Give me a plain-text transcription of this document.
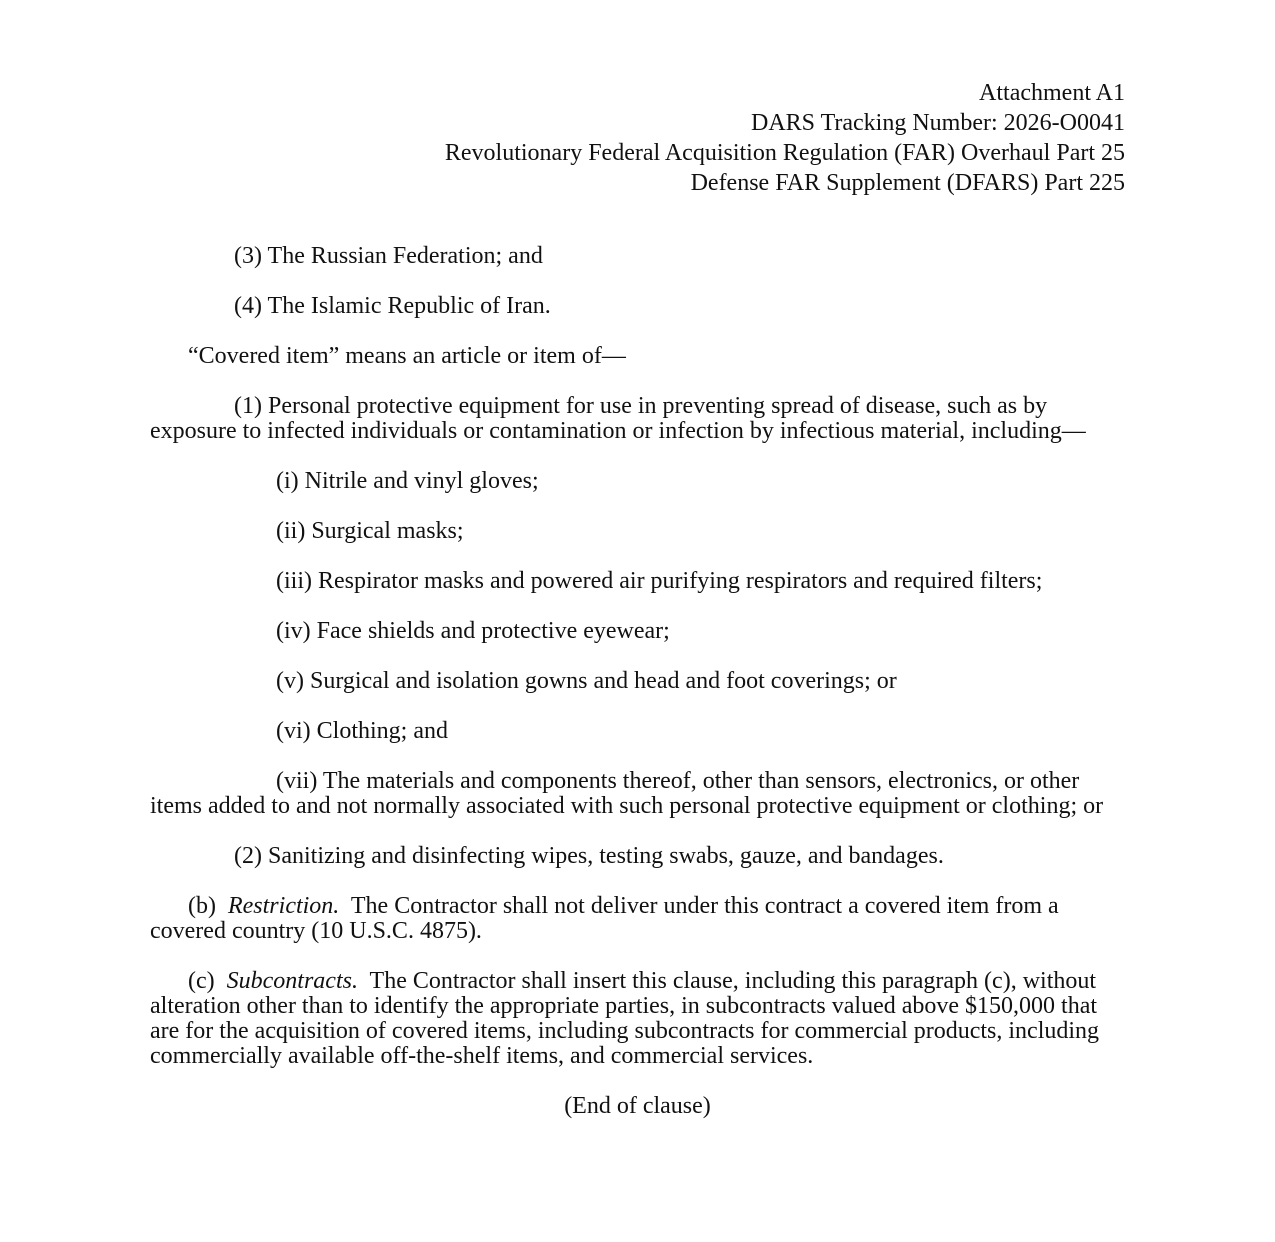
Attachment A1
DARS Tracking Number: 2026-O0041
Revolutionary Federal Acquisition Regulation (FAR) Overhaul Part 25
Defense FAR Supplement (DFARS) Part 225

(3) The Russian Federation; and

(4) The Islamic Republic of Iran.

“Covered item” means an article or item of—

(1) Personal protective equipment for use in preventing spread of disease, such as by exposure to infected individuals or contamination or infection by infectious material, including—

(i) Nitrile and vinyl gloves;

(ii) Surgical masks;

(iii) Respirator masks and powered air purifying respirators and required filters;

(iv) Face shields and protective eyewear;

(v) Surgical and isolation gowns and head and foot coverings; or

(vi) Clothing; and

(vii) The materials and components thereof, other than sensors, electronics, or other items added to and not normally associated with such personal protective equipment or clothing; or

(2) Sanitizing and disinfecting wipes, testing swabs, gauze, and bandages.

(b) Restriction. The Contractor shall not deliver under this contract a covered item from a covered country (10 U.S.C. 4875).

(c) Subcontracts. The Contractor shall insert this clause, including this paragraph (c), without alteration other than to identify the appropriate parties, in subcontracts valued above $150,000 that are for the acquisition of covered items, including subcontracts for commercial products, including commercially available off-the-shelf items, and commercial services.

(End of clause)
